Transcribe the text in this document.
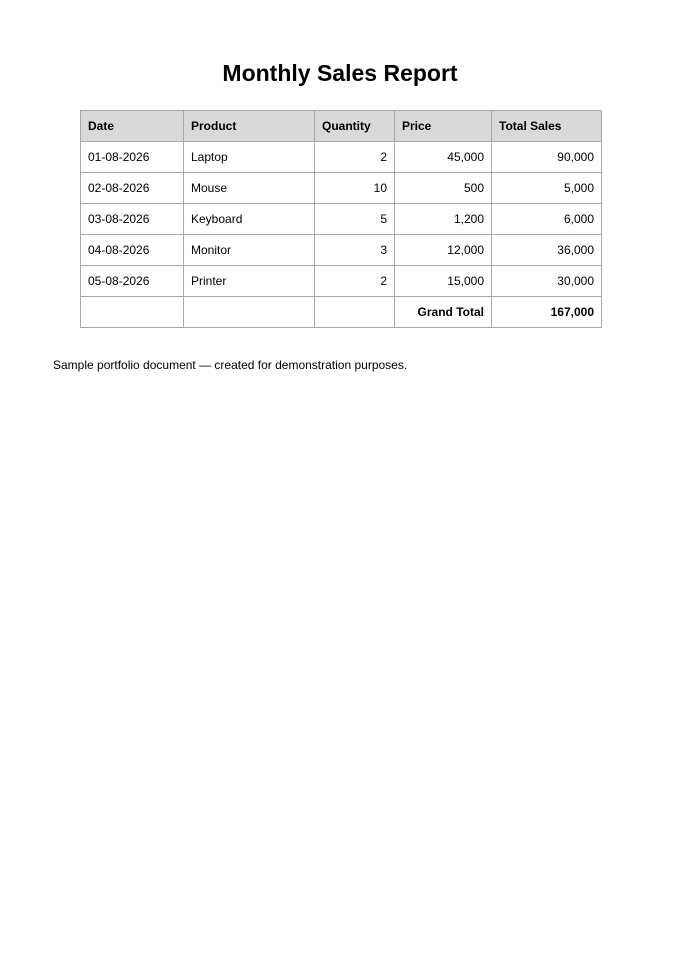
Monthly Sales Report
Date	Product	Quantity	Price	Total Sales
01-08-2026	Laptop	2	45,000	90,000
02-08-2026	Mouse	10	500	5,000
03-08-2026	Keyboard	5	1,200	6,000
04-08-2026	Monitor	3	12,000	36,000
05-08-2026	Printer	2	15,000	30,000
			Grand Total	167,000

Sample portfolio document — created for demonstration purposes.
